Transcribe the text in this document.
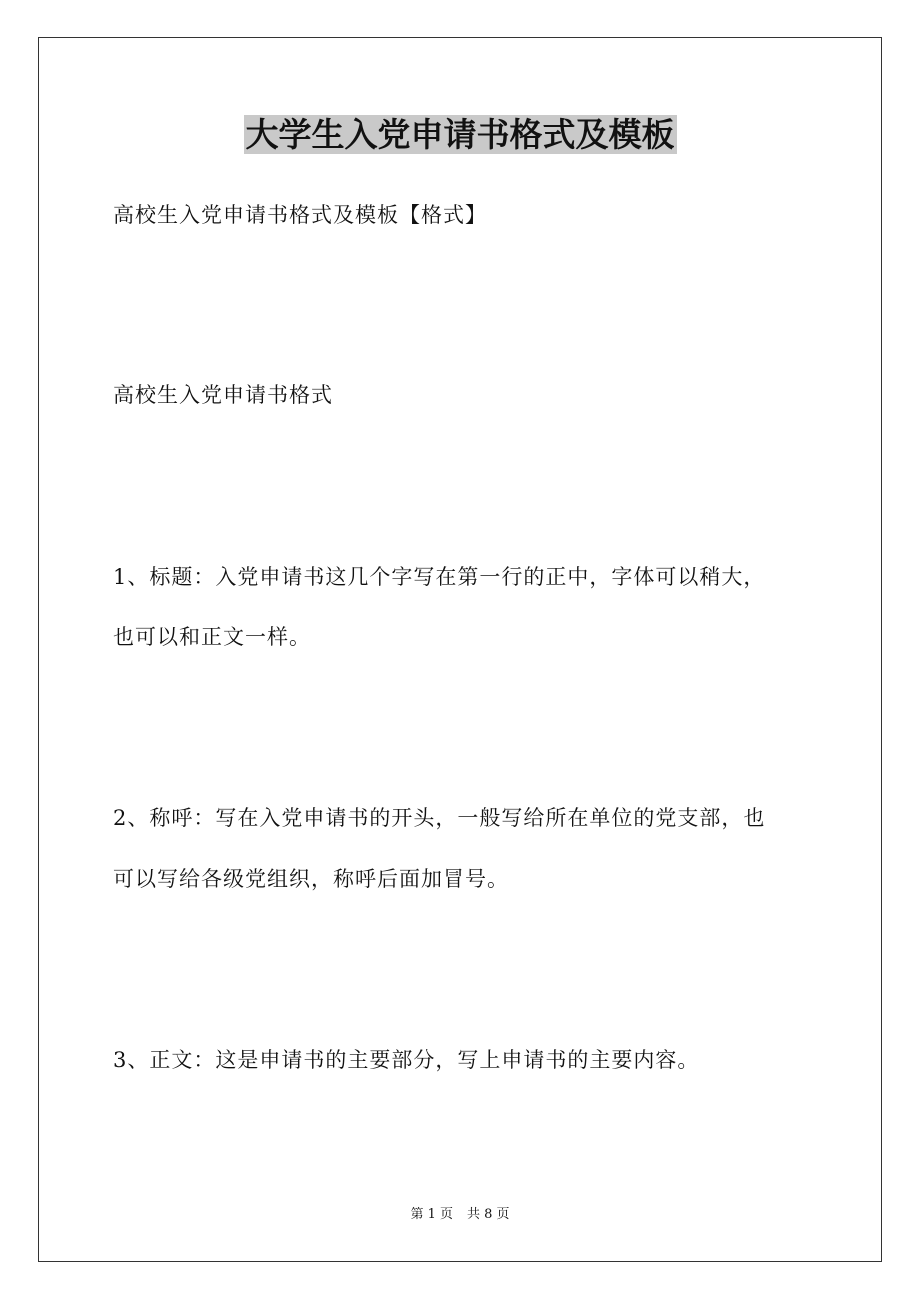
大学生入党申请书格式及模板

高校生入党申请书格式及模板【格式】

高校生入党申请书格式

1、标题：入党申请书这几个字写在第一行的正中，字体可以稍大，

也可以和正文一样。

2、称呼：写在入党申请书的开头，一般写给所在单位的党支部，也

可以写给各级党组织，称呼后面加冒号。

3、正文：这是申请书的主要部分，写上申请书的主要内容。

第 1 页 共 8 页
